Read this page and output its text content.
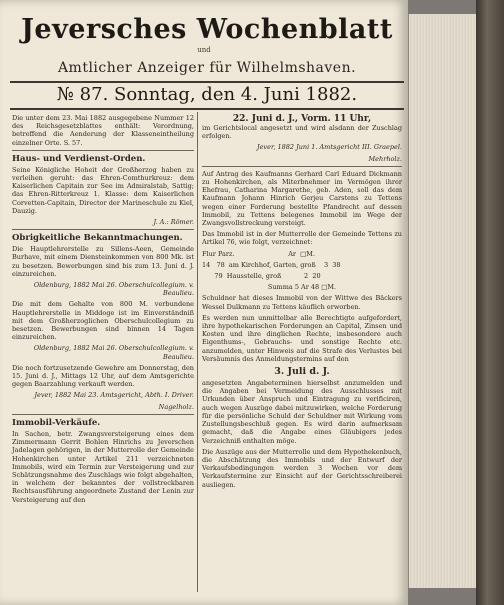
Jeversches Wochenblatt
und
Amtlicher Anzeiger für Wilhelmshaven.
№ 87. Sonntag, den 4. Juni 1882.

Die unter dem 23. Mai 1882 ausgegebene Nummer 12 des Reichsgesetzblattes enthält: Verordnung, betreffend die Aenderung der Klasseneintheilung einzelner Orte. S. 57.

Haus- und Verdienst-Orden.

Seine Königliche Hoheit der Großherzog haben zu verleihen geruht: das Ehren-Comthurkreuz: dem Kaiserlichen Capitain zur See im Admiralstab, Sattig; das Ehren-Ritterkreuz 1. Klasse: dem Kaiserlichen Corvetten-Capitain, Director der Marineschule zu Kiel, Dauzig.

J. A.: Römer.

Obrigkeitliche Bekanntmachungen.

Die Hauptlehrerstelle zu Sillens-Aeen, Gemeinde Burhave, mit einem Diensteinkommen von 800 Mk. ist zu besetzen. Bewerbungen sind bis zum 13. Juni d. J. einzureichen.

Oldenburg, 1882 Mai 26. Oberschulcollegium. v. Beaulieu.

Die mit dem Gehalte von 800 M. verbundene Hauptlehrerstelle in Middoge ist im Einverständniß mit dem Großherzoglichen Oberschulcollegium zu besetzen. Bewerbungen sind binnen 14 Tagen einzureichen.

Oldenburg, 1882 Mai 26. Oberschulcollegium. v. Beaulieu.

Die noch fortzusetzende Gewehre am Donnerstag, den 15. Juni d. J., Mittags 12 Uhr, auf dem Amtsgerichte gegen Baarzahlung verkauft werden.

Jever, 1882 Mai 23. Amtsgericht, Abth. I. Driver.

Nagelholz.

Immobil-Verkäufe.

In Sachen, betr. Zwangsversteigerung eines dem Zimmermann Gerrit Bohlen Hinrichs zu Jeverschen Jadelagen gehörigen, in der Mutterrolle der Gemeinde Hohenkirchen unter Artikel 211 verzeichneten Immobils, wird ein Termin zur Versteigerung und zur Schätzungsnahme des Zuschlags wie folgt abgehalten, in welchem der bekanntes der vollstreckbaren Rechtsausführung angeordnete Zustand der Lenin zur Versteigerung auf den

22. Juni d. J., Vorm. 11 Uhr,

im Gerichtslocal angesetzt und wird alsdann der Zuschlag erfolgen.

Jever, 1882 Juni 1. Amtsgericht III. Graepel.

Mehrholz.

Auf Antrag des Kaufmanns Gerhard Carl Eduard Dickmann zu Hohenkirchen, als Miterbnehmer im Vermögen ihrer Ehefrau, Catharina Margarethe, geb. Aden, soll das dem Kaufmann Johann Hinrich Gerjeu Carstens zu Tettens wegen einer Forderung bestellte Pfandrecht auf dessen Immobil, zu Tettens belegenes Immobil im Wege der Zwangsvollstreckung versteigt.

Das Immobil ist in der Mutterrolle der Gemeinde Tettens zu Artikel 76, wie folgt, verzeichnet:

Flur Parz.                          Ar  □M.

14   78  am Kirchhof, Garten, groß    3  38

79  Hausstelle, groß           2  20

Summa 5 Ar 48 □M.

Schuldner hat dieses Immobil von der Wittwe des Bäckers Wessel Dulkmann zu Tettens käuflich erworben.

Es werden nun unmittelbar alle Berechtigte aufgefordert, ihre hypothekarischen Forderungen an Capital, Zinsen und Kosten und ihre dinglichen Rechte, insbesondere auch Eigenthums-, Gebrauchs- und sonstige Rechte etc. anzumelden, unter Hinweis auf die Strafe des Verlustes bei Versäumnis des Anmeldungstermins auf den

3. Juli d. J.

angesetzten Angabeterminen hierselbst anzumelden und die Angaben bei Vermeidung des Ausschlusses mit Urkunden über Anspruch und Eintragung zu verificiren, auch wegen Auszüge dabei mitzuwirken, welche Forderung für die persönliche Schuld der Schuldner mit Wirkung vom Zustellungsbeschluß gegen. Es wird darin aufmerksam gemacht, daß die Angabe eines Gläubigers jedes Verzeichniß enthalten möge.

Die Auszüge aus der Mutterrolle und dem Hypothekenbuch, die Abschätzung des Immobils und der Entwurf der Verkaufsbedingungen werden 3 Wochen vor dem Verkaufstermine zur Einsicht auf der Gerichtsschreiberei ausliegen.
